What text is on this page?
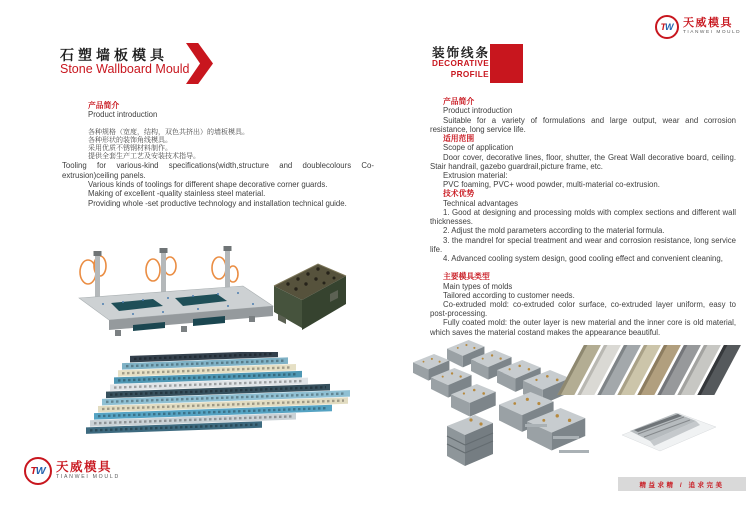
石塑墙板模具
Stone Wallboard Mould
产品简介
Product introduction

各种规格（宽度，结构，双色共挤出）的墙板模具。

各种形状的装饰角线模具。

采用优质不锈钢材料制作。

提供全套生产工艺及安装技术指导。

Tooling for various-kind specifications(width,structure and doublecolours Co-extrusion)ceiling panels.

Various kinds of toolings for different shape decorative corner guards.

Making of excellent -quality stainless steel material.

Providing whole -set productive technology and installation technical guide.

装饰线条
DECORATIVE
PROFILE
产品简介
Product introduction

Suitable for a variety of formulations and large output, wear and corrosion resistance, long service life.

适用范围
Scope of application

Door cover, decorative lines, floor, shutter, the Great Wall decorative board, ceiling. Stair handrail, gazebo guardrail,picture frame, etc.

Extrusion material:

PVC foaming, PVC+ wood powder, multi-material co-extrusion.

技术优势
Technical advantages

1. Good at designing and processing molds with complex sections and different wall thicknesses.

2. Adjust the mold parameters according to the material formula.

3. the mandrel for special treatment and wear and corrosion resistance, long service life.

4. Advanced cooling system design, good cooling effect and convenient cleaning,

主要模具类型
Main types of molds

Tailored according to customer needs.

Co-extruded mold: co-extruded color surface, co-extruded layer uniform, easy to post-processing.

Fully coated mold: the outer layer is new material and the inner core is old material, which saves the material costand makes the appearance beautiful.

T W 天威模具
TIANWEI MOULD
T W 天威模具
TIANWEI MOULD
精益求精 / 追求完美
